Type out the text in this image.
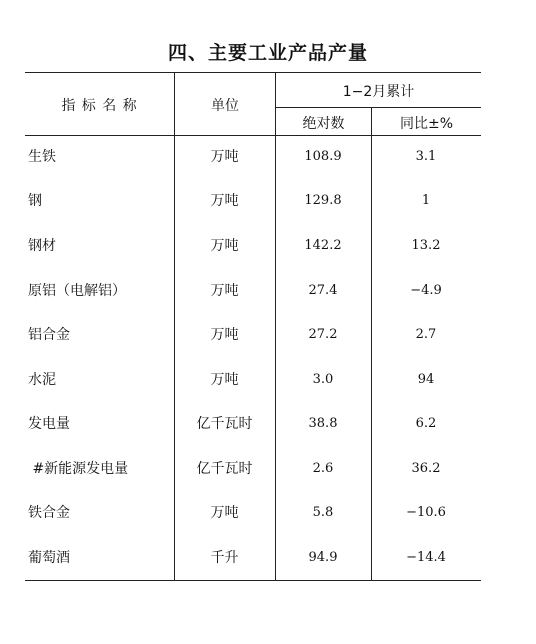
四、主要工业产品产量
指 标 名 称	单位
1−2月累计
绝对数	同比±%
生铁	万吨	108.9	3.1
钢	万吨	129.8	1
钢材	万吨	142.2	13.2
原铝（电解铝）	万吨	27.4	−4.9
铝合金	万吨	27.2	2.7
水泥	万吨	3.0	94
发电量	亿千瓦时	38.8	6.2
#新能源发电量	亿千瓦时	2.6	36.2
铁合金	万吨	5.8	−10.6
葡萄酒	千升	94.9	−14.4
